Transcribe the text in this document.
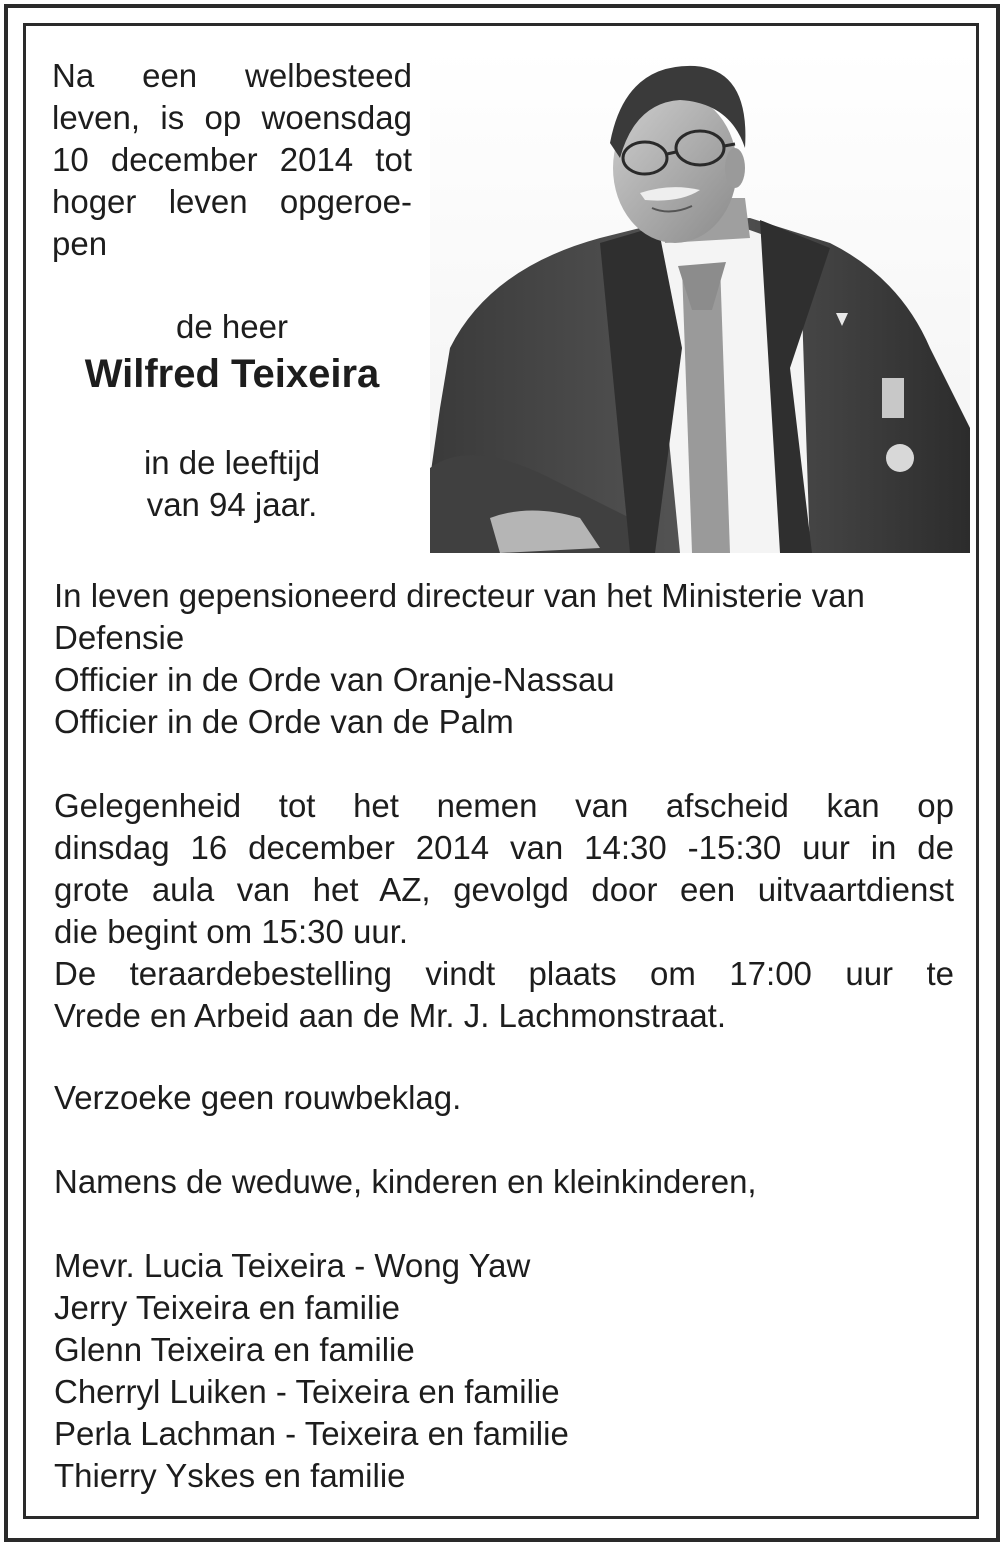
Na een welbesteed
leven, is op woensdag
10 december 2014 tot
hoger leven opgeroe-
pen
de heer
Wilfred Teixeira
in de leeftijd
van 94 jaar.
In leven gepensioneerd directeur van het Ministerie van
Defensie
Officier in de Orde van Oranje-Nassau
Officier in de Orde van de Palm
Gelegenheid tot het nemen van afscheid kan op
dinsdag 16 december 2014 van 14:30 -15:30 uur in de
grote aula van het AZ, gevolgd door een uitvaartdienst
die begint om 15:30 uur.
De teraardebestelling vindt plaats om 17:00 uur te
Vrede en Arbeid aan de Mr. J. Lachmonstraat.
Verzoeke geen rouwbeklag.
Namens de weduwe, kinderen en kleinkinderen,
Mevr. Lucia Teixeira - Wong Yaw
Jerry Teixeira en familie
Glenn Teixeira en familie
Cherryl Luiken - Teixeira en familie
Perla Lachman - Teixeira en familie
Thierry Yskes en familie
